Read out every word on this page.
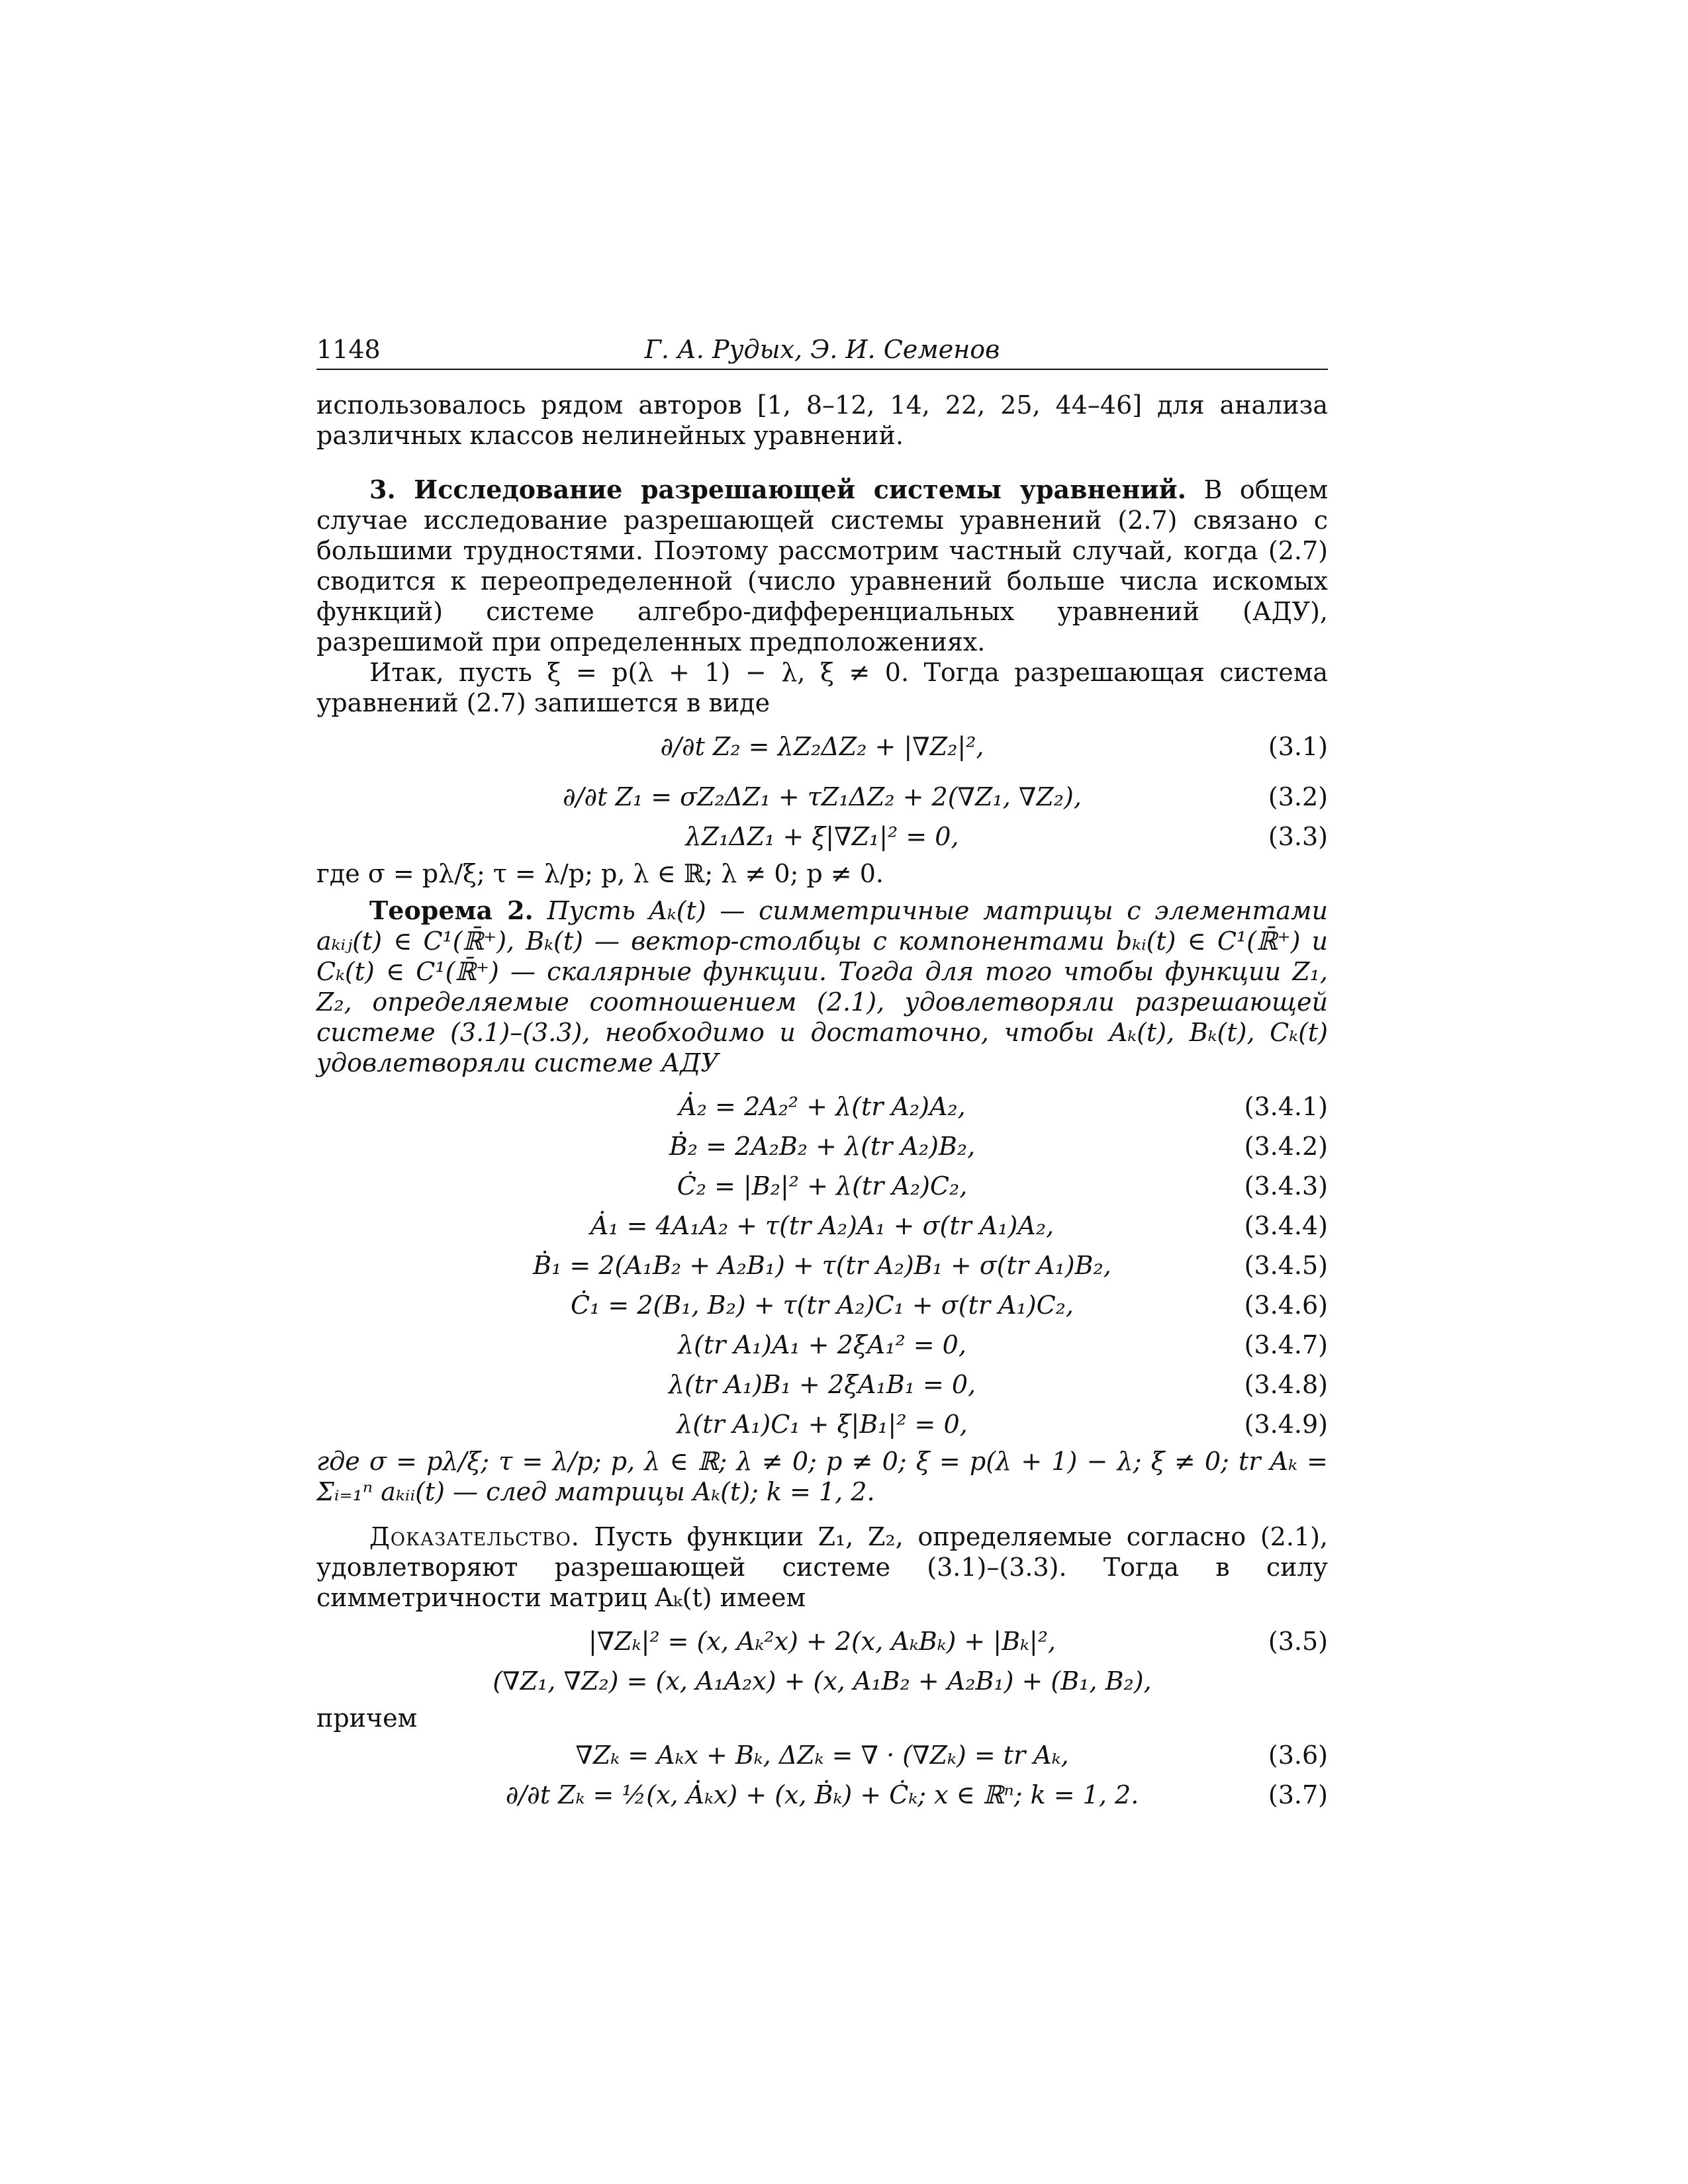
1148	Г. А. Рудых, Э. И. Семенов

использовалось рядом авторов [1, 8–12, 14, 22, 25, 44–46] для анализа различных классов нелинейных уравнений.

3. Исследование разрешающей системы уравнений. В общем случае исследование разрешающей системы уравнений (2.7) связано с большими трудностями. Поэтому рассмотрим частный случай, когда (2.7) сводится к переопределенной (число уравнений больше числа искомых функций) системе алгебро-дифференциальных уравнений (АДУ), разрешимой при определенных предположениях.

Итак, пусть ξ = p(λ + 1) − λ, ξ ≠ 0. Тогда разрешающая система уравнений (2.7) запишется в виде

∂/∂t Z₂ = λZ₂ΔZ₂ + |∇Z₂|²,	(3.1)
∂/∂t Z₁ = σZ₂ΔZ₁ + τZ₁ΔZ₂ + 2(∇Z₁, ∇Z₂),	(3.2)
λZ₁ΔZ₁ + ξ|∇Z₁|² = 0,	(3.3)

где σ = pλ/ξ; τ = λ/p; p, λ ∈ ℝ; λ ≠ 0; p ≠ 0.

Теорема 2. Пусть Aₖ(t) — симметричные матрицы с элементами aₖᵢⱼ(t) ∈ C¹(ℝ̄⁺), Bₖ(t) — вектор-столбцы с компонентами bₖᵢ(t) ∈ C¹(ℝ̄⁺) и Cₖ(t) ∈ C¹(ℝ̄⁺) — скалярные функции. Тогда для того чтобы функции Z₁, Z₂, определяемые соотношением (2.1), удовлетворяли разрешающей системе (3.1)–(3.3), необходимо и достаточно, чтобы Aₖ(t), Bₖ(t), Cₖ(t) удовлетворяли системе АДУ

Ȧ₂ = 2A₂² + λ(tr A₂)A₂,	(3.4.1)
Ḃ₂ = 2A₂B₂ + λ(tr A₂)B₂,	(3.4.2)
Ċ₂ = |B₂|² + λ(tr A₂)C₂,	(3.4.3)
Ȧ₁ = 4A₁A₂ + τ(tr A₂)A₁ + σ(tr A₁)A₂,	(3.4.4)
Ḃ₁ = 2(A₁B₂ + A₂B₁) + τ(tr A₂)B₁ + σ(tr A₁)B₂,	(3.4.5)
Ċ₁ = 2(B₁, B₂) + τ(tr A₂)C₁ + σ(tr A₁)C₂,	(3.4.6)
λ(tr A₁)A₁ + 2ξA₁² = 0,	(3.4.7)
λ(tr A₁)B₁ + 2ξA₁B₁ = 0,	(3.4.8)
λ(tr A₁)C₁ + ξ|B₁|² = 0,	(3.4.9)

где σ = pλ/ξ; τ = λ/p; p, λ ∈ ℝ; λ ≠ 0; p ≠ 0; ξ = p(λ + 1) − λ; ξ ≠ 0; tr Aₖ = Σᵢ₌₁ⁿ aₖᵢᵢ(t) — след матрицы Aₖ(t); k = 1, 2.

Доказательство. Пусть функции Z₁, Z₂, определяемые согласно (2.1), удовлетворяют разрешающей системе (3.1)–(3.3). Тогда в силу симметричности матриц Aₖ(t) имеем

|∇Zₖ|² = (x, Aₖ²x) + 2(x, AₖBₖ) + |Bₖ|²,	(3.5)
(∇Z₁, ∇Z₂) = (x, A₁A₂x) + (x, A₁B₂ + A₂B₁) + (B₁, B₂),

причем

∇Zₖ = Aₖx + Bₖ, ΔZₖ = ∇ · (∇Zₖ) = tr Aₖ,	(3.6)
∂/∂t Zₖ = ½(x, Ȧₖx) + (x, Ḃₖ) + Ċₖ; x ∈ ℝⁿ; k = 1, 2.	(3.7)
